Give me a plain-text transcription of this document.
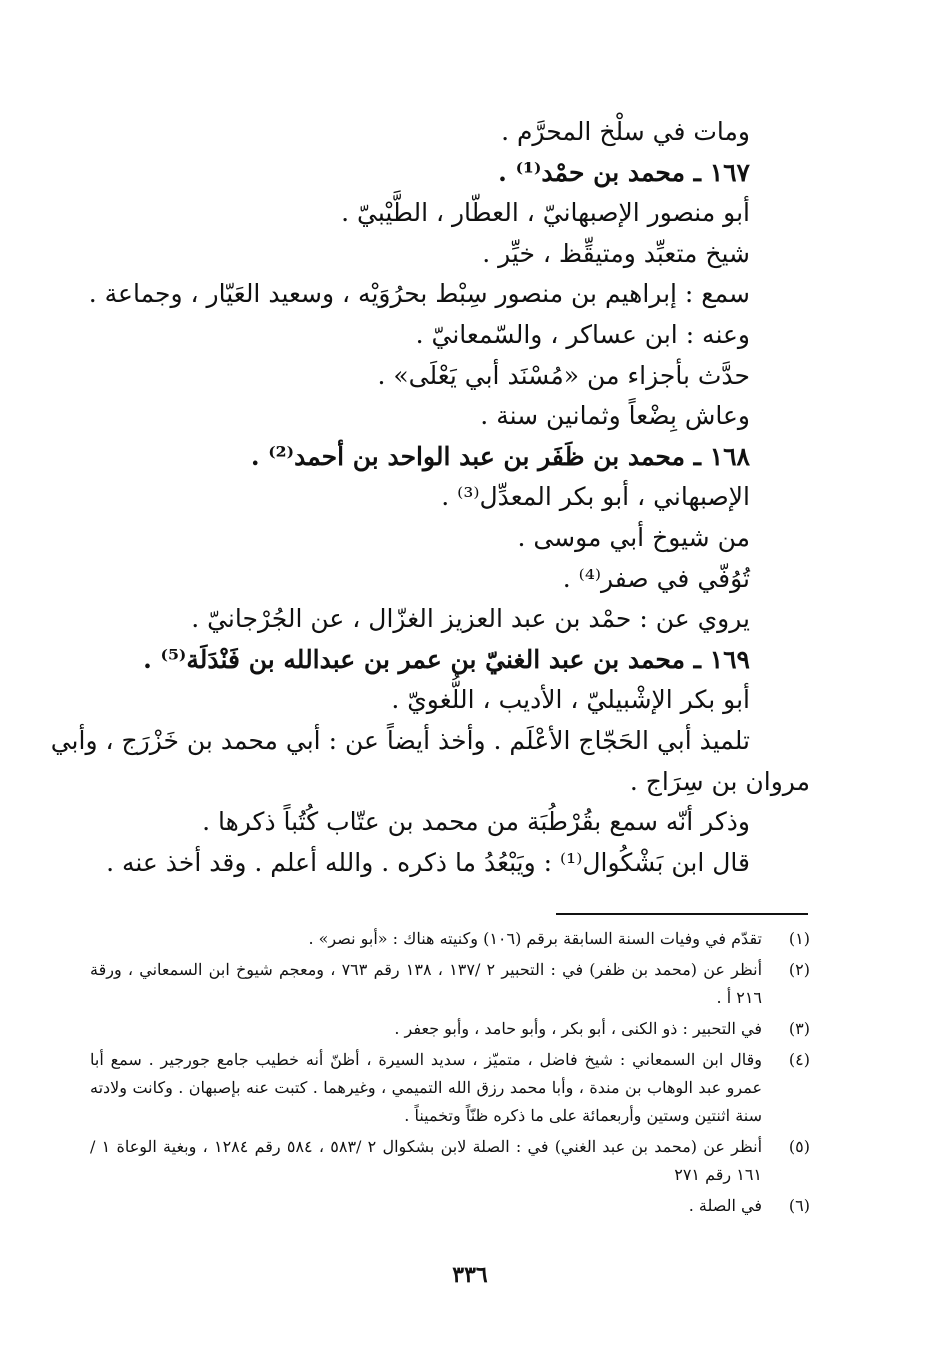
ومات في سلْخ المحرَّم .

١٦٧ ـ محمد بن حمْد⁽¹⁾ .

أبو منصور الإصبهانيّ ، العطّار ، الطَّيْبيّ .

شيخ متعبِّد ومتيقِّظ ، خيِّر .

سمع : إبراهيم بن منصور سِبْط بحرُوَيْه ، وسعيد العَيّار ، وجماعة .

وعنه : ابن عساكر ، والسّمعانيّ .

حدَّث بأجزاء من «مُسْنَد أبي يَعْلَى» .

وعاش بِضْعاً وثمانين سنة .

١٦٨ ـ محمد بن ظَفَر بن عبد الواحد بن أحمد⁽²⁾ .

الإصبهاني ، أبو بكر المعدِّل⁽³⁾ .

من شيوخ أبي موسى .

تُوُفّي في صفر⁽⁴⁾ .

يروي عن : حمْد بن عبد العزيز الغزّال ، عن الجُرْجانيّ .

١٦٩ ـ محمد بن عبد الغنيّ بن عمر بن عبدالله بن فَنْدَلَة⁽⁵⁾ .

أبو بكر الإشْبيليّ ، الأديب ، اللُّغويّ .

تلميذ أبي الحَجّاج الأعْلَم . وأخذ أيضاً عن : أبي محمد بن خَزْرَج ، وأبي

مروان بن سِرَاج .

وذكر أنّه سمع بقُرْطُبَة من محمد بن عتّاب كُتُباً ذكرها .

قال ابن بَشْكُوال⁽¹⁾ : ويَبْعُدُ ما ذكره . والله أعلم . وقد أخذ عنه .

(١)
تقدّم في وفيات السنة السابقة برقم (١٠٦) وكنيته هناك : «أبو نصر» .
(٢)
أنظر عن (محمد بن ظفر) في : التحبير ٢ /١٣٧ ، ١٣٨ رقم ٧٦٣ ، ومعجم شيوخ ابن السمعاني ، ورقة ٢١٦ أ .
(٣)
في التحبير : ذو الكنى ، أبو بكر ، وأبو حامد ، وأبو جعفر .
(٤)
وقال ابن السمعاني : شيخ فاضل ، متميّز ، سديد السيرة ، أظنّ أنه خطيب جامع جورجير . سمع أبا عمرو عبد الوهاب بن مندة ، وأبا محمد رزق الله التميمي ، وغيرهما . كتبت عنه بإصبهان . وكانت ولادته سنة اثنتين وستين وأربعمائة على ما ذكره ظنّاً وتخميناً .
(٥)
أنظر عن (محمد بن عبد الغني) في : الصلة لابن بشكوال ٢ /٥٨٣ ، ٥٨٤ رقم ١٢٨٤ ، وبغية الوعاة ١ /١٦١ رقم ٢٧١
(٦)
في الصلة .
٣٣٦
